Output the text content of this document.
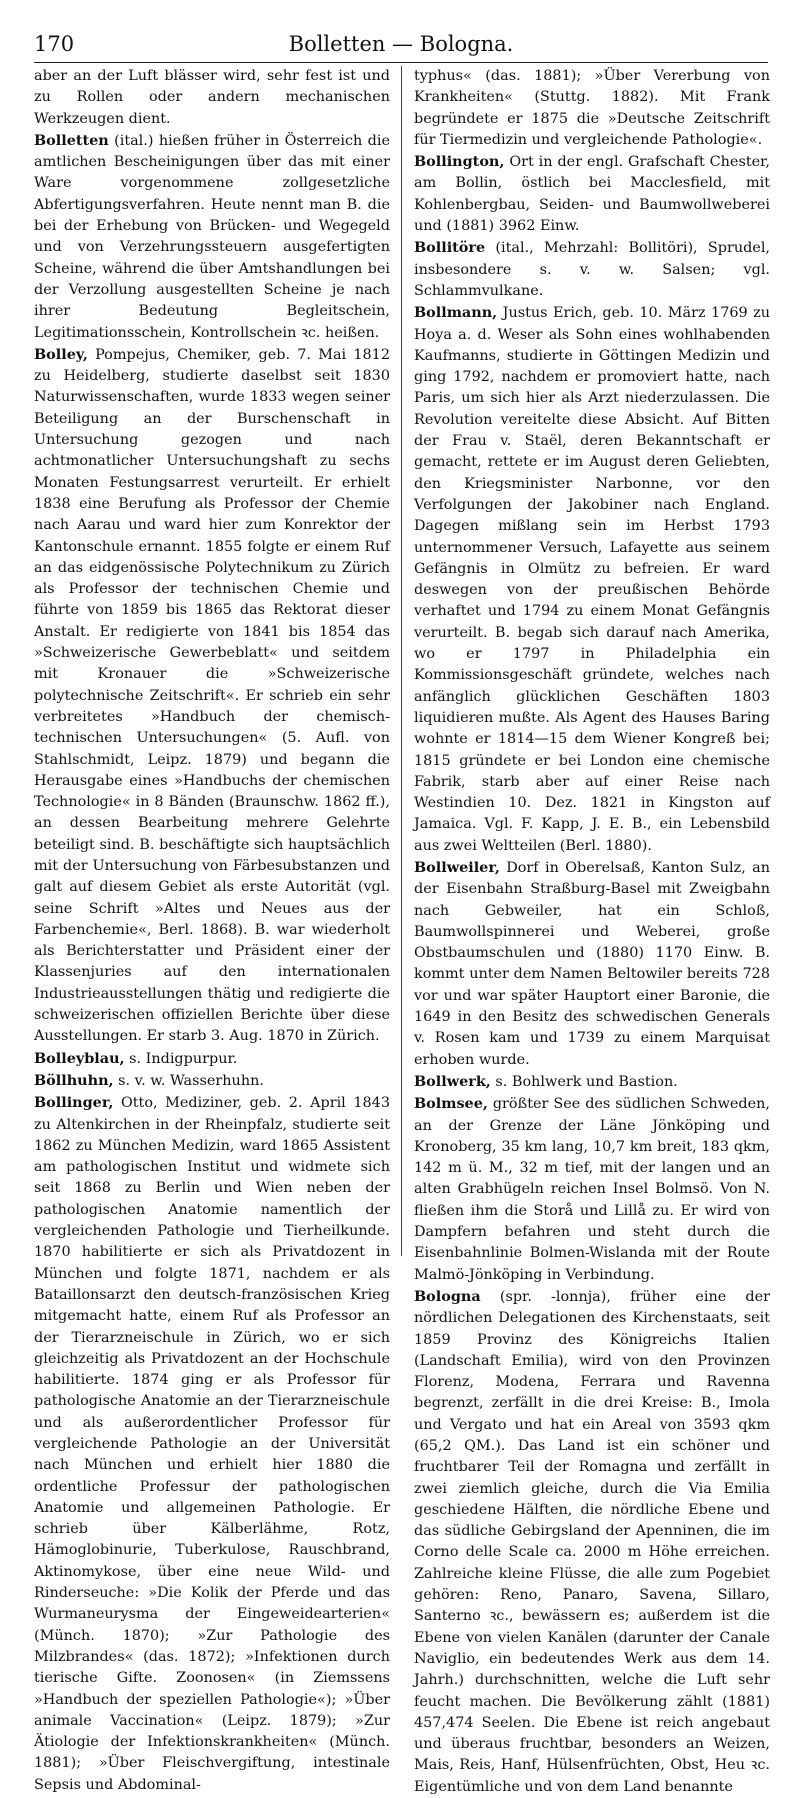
170	Bolletten — Bologna.

aber an der Luft blässer wird, sehr fest ist und zu Rollen oder andern mechanischen Werkzeugen dient.

Bolletten (ital.) hießen früher in Österreich die amtlichen Bescheinigungen über das mit einer Ware vorgenommene zollgesetzliche Abfertigungsverfahren. Heute nennt man B. die bei der Erhebung von Brücken- und Wegegeld und von Verzehrungssteuern ausgefertigten Scheine, während die über Amtshandlungen bei der Verzollung ausgestellten Scheine je nach ihrer Bedeutung Begleitschein, Legitimationsschein, Kontrollschein ꝛc. heißen.

Bolley, Pompejus, Chemiker, geb. 7. Mai 1812 zu Heidelberg, studierte daselbst seit 1830 Naturwissenschaften, wurde 1833 wegen seiner Beteiligung an der Burschenschaft in Untersuchung gezogen und nach achtmonatlicher Untersuchungshaft zu sechs Monaten Festungsarrest verurteilt. Er erhielt 1838 eine Berufung als Professor der Chemie nach Aarau und ward hier zum Konrektor der Kantonschule ernannt. 1855 folgte er einem Ruf an das eidgenössische Polytechnikum zu Zürich als Professor der technischen Chemie und führte von 1859 bis 1865 das Rektorat dieser Anstalt. Er redigierte von 1841 bis 1854 das »Schweizerische Gewerbeblatt« und seitdem mit Kronauer die »Schweizerische polytechnische Zeitschrift«. Er schrieb ein sehr verbreitetes »Handbuch der chemisch-technischen Untersuchungen« (5. Aufl. von Stahlschmidt, Leipz. 1879) und begann die Herausgabe eines »Handbuchs der chemischen Technologie« in 8 Bänden (Braunschw. 1862 ff.), an dessen Bearbeitung mehrere Gelehrte beteiligt sind. B. beschäftigte sich hauptsächlich mit der Untersuchung von Färbesubstanzen und galt auf diesem Gebiet als erste Autorität (vgl. seine Schrift »Altes und Neues aus der Farbenchemie«, Berl. 1868). B. war wiederholt als Berichterstatter und Präsident einer der Klassenjuries auf den internationalen Industrieausstellungen thätig und redigierte die schweizerischen offiziellen Berichte über diese Ausstellungen. Er starb 3. Aug. 1870 in Zürich.

Bolleyblau, s. Indigpurpur.

Böllhuhn, s. v. w. Wasserhuhn.

Bollinger, Otto, Mediziner, geb. 2. April 1843 zu Altenkirchen in der Rheinpfalz, studierte seit 1862 zu München Medizin, ward 1865 Assistent am pathologischen Institut und widmete sich seit 1868 zu Berlin und Wien neben der pathologischen Anatomie namentlich der vergleichenden Pathologie und Tierheilkunde. 1870 habilitierte er sich als Privatdozent in München und folgte 1871, nachdem er als Bataillonsarzt den deutsch-französischen Krieg mitgemacht hatte, einem Ruf als Professor an der Tierarzneischule in Zürich, wo er sich gleichzeitig als Privatdozent an der Hochschule habilitierte. 1874 ging er als Professor für pathologische Anatomie an der Tierarzneischule und als außerordentlicher Professor für vergleichende Pathologie an der Universität nach München und erhielt hier 1880 die ordentliche Professur der pathologischen Anatomie und allgemeinen Pathologie. Er schrieb über Kälberlähme, Rotz, Hämoglobinurie, Tuberkulose, Rauschbrand, Aktinomykose, über eine neue Wild- und Rinderseuche: »Die Kolik der Pferde und das Wurmaneurysma der Eingeweidearterien« (Münch. 1870); »Zur Pathologie des Milzbrandes« (das. 1872); »Infektionen durch tierische Gifte. Zoonosen« (in Ziemssens »Handbuch der speziellen Pathologie«); »Über animale Vaccination« (Leipz. 1879); »Zur Ätiologie der Infektionskrankheiten« (Münch. 1881); »Über Fleischvergiftung, intestinale Sepsis und Abdominal-

typhus« (das. 1881); »Über Vererbung von Krankheiten« (Stuttg. 1882). Mit Frank begründete er 1875 die »Deutsche Zeitschrift für Tiermedizin und vergleichende Pathologie«.

Bollington, Ort in der engl. Grafschaft Chester, am Bollin, östlich bei Macclesfield, mit Kohlenbergbau, Seiden- und Baumwollweberei und (1881) 3962 Einw.

Bollitöre (ital., Mehrzahl: Bollitöri), Sprudel, insbesondere s. v. w. Salsen; vgl. Schlammvulkane.

Bollmann, Justus Erich, geb. 10. März 1769 zu Hoya a. d. Weser als Sohn eines wohlhabenden Kaufmanns, studierte in Göttingen Medizin und ging 1792, nachdem er promoviert hatte, nach Paris, um sich hier als Arzt niederzulassen. Die Revolution vereitelte diese Absicht. Auf Bitten der Frau v. Staël, deren Bekanntschaft er gemacht, rettete er im August deren Geliebten, den Kriegsminister Narbonne, vor den Verfolgungen der Jakobiner nach England. Dagegen mißlang sein im Herbst 1793 unternommener Versuch, Lafayette aus seinem Gefängnis in Olmütz zu befreien. Er ward deswegen von der preußischen Behörde verhaftet und 1794 zu einem Monat Gefängnis verurteilt. B. begab sich darauf nach Amerika, wo er 1797 in Philadelphia ein Kommissionsgeschäft gründete, welches nach anfänglich glücklichen Geschäften 1803 liquidieren mußte. Als Agent des Hauses Baring wohnte er 1814—15 dem Wiener Kongreß bei; 1815 gründete er bei London eine chemische Fabrik, starb aber auf einer Reise nach Westindien 10. Dez. 1821 in Kingston auf Jamaica. Vgl. F. Kapp, J. E. B., ein Lebensbild aus zwei Weltteilen (Berl. 1880).

Bollweiler, Dorf in Oberelsaß, Kanton Sulz, an der Eisenbahn Straßburg-Basel mit Zweigbahn nach Gebweiler, hat ein Schloß, Baumwollspinnerei und Weberei, große Obstbaumschulen und (1880) 1170 Einw. B. kommt unter dem Namen Beltowiler bereits 728 vor und war später Hauptort einer Baronie, die 1649 in den Besitz des schwedischen Generals v. Rosen kam und 1739 zu einem Marquisat erhoben wurde.

Bollwerk, s. Bohlwerk und Bastion.

Bolmsee, größter See des südlichen Schweden, an der Grenze der Läne Jönköping und Kronoberg, 35 km lang, 10,7 km breit, 183 qkm, 142 m ü. M., 32 m tief, mit der langen und an alten Grabhügeln reichen Insel Bolmsö. Von N. fließen ihm die Storå und Lillå zu. Er wird von Dampfern befahren und steht durch die Eisenbahnlinie Bolmen-Wislanda mit der Route Malmö-Jönköping in Verbindung.

Bologna (spr. -lonnja), früher eine der nördlichen Delegationen des Kirchenstaats, seit 1859 Provinz des Königreichs Italien (Landschaft Emilia), wird von den Provinzen Florenz, Modena, Ferrara und Ravenna begrenzt, zerfällt in die drei Kreise: B., Imola und Vergato und hat ein Areal von 3593 qkm (65,2 QM.). Das Land ist ein schöner und fruchtbarer Teil der Romagna und zerfällt in zwei ziemlich gleiche, durch die Via Emilia geschiedene Hälften, die nördliche Ebene und das südliche Gebirgsland der Apenninen, die im Corno delle Scale ca. 2000 m Höhe erreichen. Zahlreiche kleine Flüsse, die alle zum Pogebiet gehören: Reno, Panaro, Savena, Sillaro, Santerno ꝛc., bewässern es; außerdem ist die Ebene von vielen Kanälen (darunter der Canale Naviglio, ein bedeutendes Werk aus dem 14. Jahrh.) durchschnitten, welche die Luft sehr feucht machen. Die Bevölkerung zählt (1881) 457,474 Seelen. Die Ebene ist reich angebaut und überaus fruchtbar, besonders an Weizen, Mais, Reis, Hanf, Hülsenfrüchten, Obst, Heu ꝛc. Eigentümliche und von dem Land benannte
